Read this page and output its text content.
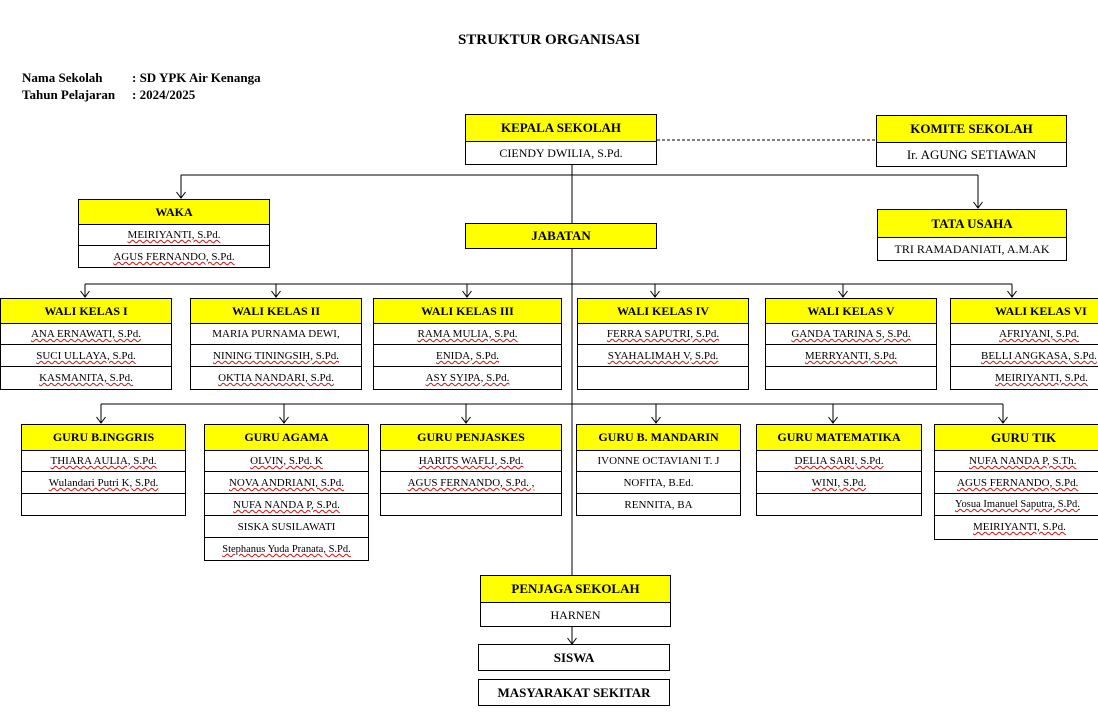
STRUKTUR ORGANISASI
Nama Sekolah : SD YPK Air Kenanga
Tahun Pelajaran : 2024/2025
KEPALA SEKOLAH
CIENDY DWILIA, S.Pd.
KOMITE SEKOLAH
Ir. AGUNG SETIAWAN
WAKA
MEIRIYANTI, S.Pd.
AGUS FERNANDO, S.Pd.
TATA USAHA
TRI RAMADANIATI, A.M.AK
JABATAN
WALI KELAS I
ANA ERNAWATI, S.Pd.
SUCI ULLAYA, S.Pd.
KASMANITA, S.Pd.
WALI KELAS II
MARIA PURNAMA DEWI,
NINING TININGSIH, S.Pd.
OKTIA NANDARI, S.Pd.
WALI KELAS III
RAMA MULIA, S.Pd.
ENIDA, S.Pd.
ASY SYIPA, S.Pd.
WALI KELAS IV
FERRA SAPUTRI, S.Pd.
SYAHALIMAH V, S.Pd.
WALI KELAS V
GANDA TARINA S, S.Pd.
MERRYANTI, S.Pd.
WALI KELAS VI
AFRIYANI, S.Pd.
BELLI ANGKASA, S.Pd.
MEIRIYANTI, S.Pd.
GURU B.INGGRIS
THIARA AULIA, S.Pd.
Wulandari Putri K, S.Pd.
GURU AGAMA
OLVIN, S.Pd. K
NOVA ANDRIANI, S.Pd.
NUFA NANDA P, S.Pd.
SISKA SUSILAWATI
Stephanus Yuda Pranata, S.Pd.
GURU PENJASKES
HARITS WAFLI, S.Pd.
AGUS FERNANDO, S.Pd. ,
GURU B. MANDARIN
IVONNE OCTAVIANI T. J
NOFITA, B.Ed.
RENNITA, BA
GURU MATEMATIKA
DELIA SARI, S.Pd.
WINI, S.Pd.
GURU TIK
NUFA NANDA P, S.Th.
AGUS FERNANDO, S.Pd.
Yosua Imanuel Saputra, S.Pd.
MEIRIYANTI, S.Pd.
PENJAGA SEKOLAH
HARNEN
SISWA
MASYARAKAT SEKITAR
